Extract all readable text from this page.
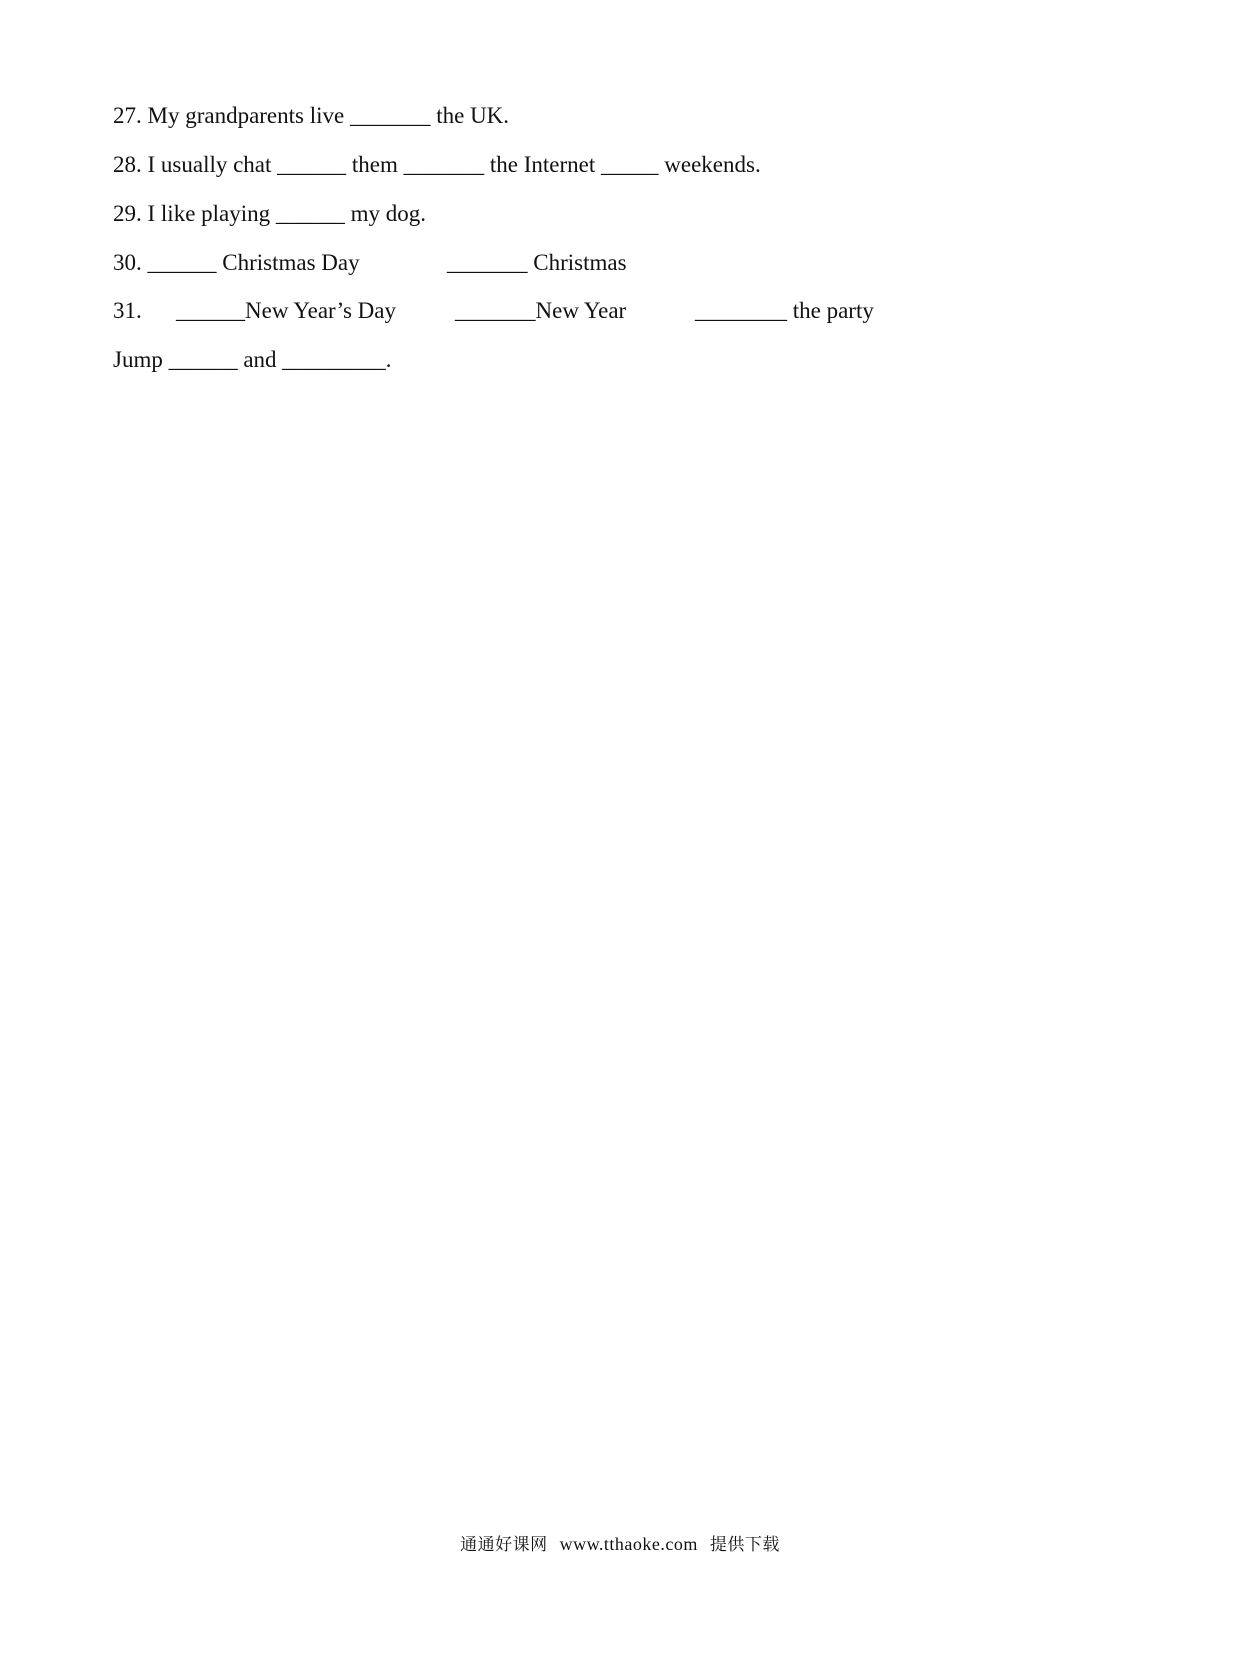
27. My grandparents live _______ the UK.
28. I usually chat ______ them _______ the Internet _____ weekends.
29. I like playing ______ my dog.

30. ______ Christmas Day

	_______ Christmas

31.

______New Year’s Day

	_______New Year

	________ the party

Jump ______ and _________.
通通好课网 www.tthaoke.com 提供下载
